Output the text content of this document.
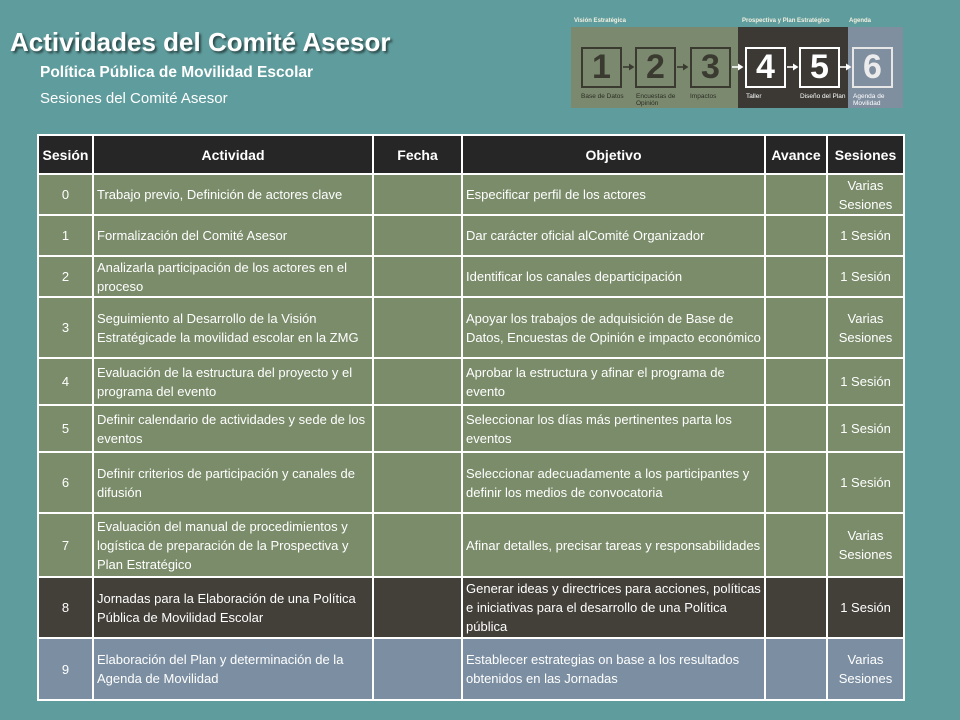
Actividades del Comité Asesor
Política Pública de Movilidad Escolar
Sesiones del Comité Asesor
Visión Estratégica	Prospectiva y Plan Estratégico	Agenda
1	2	3	4	5	6
Base de Datos	Encuestas de Opinión
Impactos	Taller	Diseño del Plan Agenda de Movilidad
Sesión	Actividad	Fecha	Objetivo	Avance	Sesiones
0	Trabajo previo, Definición de actores clave		Especificar perfil de los actores		Varias Sesiones
1	Formalización del Comité Asesor		Dar carácter oficial alComité Organizador		1 Sesión
2	Analizarla participación de los actores en el proceso		Identificar los canales departicipación		1 Sesión
3	Seguimiento al Desarrollo de la Visión Estratégicade la movilidad escolar en la ZMG		Apoyar los trabajos de adquisición de Base de Datos, Encuestas de Opinión e impacto económico		Varias Sesiones
4	Evaluación de la estructura del proyecto y el programa del evento		Aprobar la estructura y afinar el programa de evento		1 Sesión
5	Definir calendario de actividades y sede de los eventos		Seleccionar los días más pertinentes parta los eventos		1 Sesión
6	Definir criterios de participación y canales de difusión		Seleccionar adecuadamente a los participantes y definir los medios de convocatoria		1 Sesión
7	Evaluación del manual de procedimientos y logística de preparación de la Prospectiva y Plan Estratégico		Afinar detalles, precisar tareas y responsabilidades		Varias Sesiones
8	Jornadas para la Elaboración de una Política Pública de Movilidad Escolar		Generar ideas y directrices para acciones, políticas e iniciativas para el desarrollo de una Política pública		1 Sesión
9	Elaboración del Plan y determinación de la Agenda de Movilidad		Establecer estrategias on base a los resultados obtenidos en las Jornadas		Varias Sesiones
